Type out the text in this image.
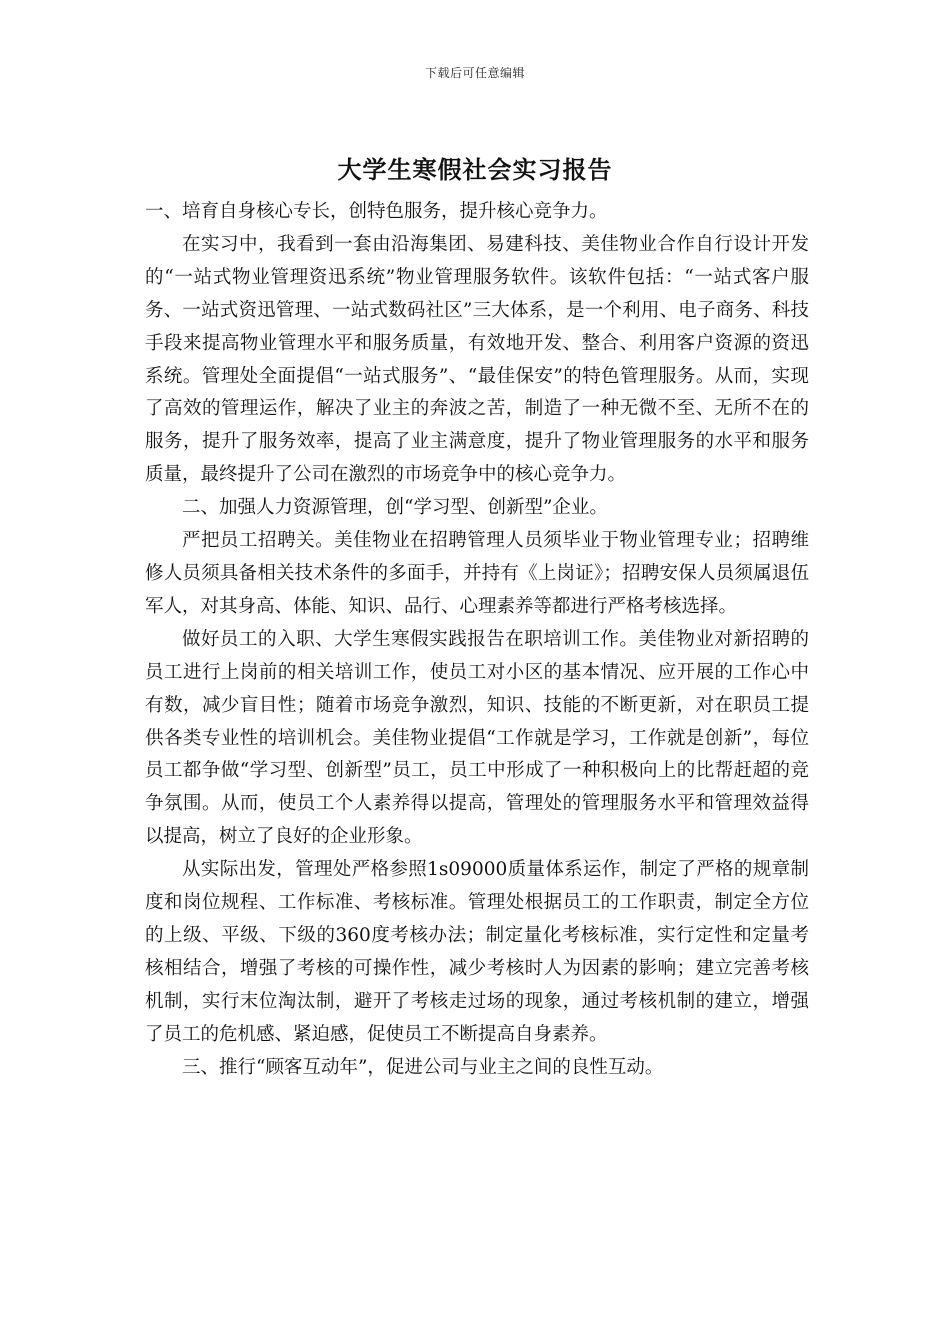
下载后可任意编辑
大学生寒假社会实习报告

一、培育自身核心专长，创特色服务，提升核心竞争力。

在实习中，我看到一套由沿海集团、易建科技、美佳物业合作自行设计开发的“一站式物业管理资迅系统”物业管理服务软件。该软件包括：“一站式客户服务、一站式资迅管理、一站式数码社区”三大体系，是一个利用、电子商务、科技手段来提高物业管理水平和服务质量，有效地开发、整合、利用客户资源的资迅系统。管理处全面提倡“一站式服务”、“最佳保安”的特色管理服务。从而，实现了高效的管理运作，解决了业主的奔波之苦，制造了一种无微不至、无所不在的服务，提升了服务效率，提高了业主满意度，提升了物业管理服务的水平和服务质量，最终提升了公司在激烈的市场竞争中的核心竞争力。

二、加强人力资源管理，创“学习型、创新型”企业。

严把员工招聘关。美佳物业在招聘管理人员须毕业于物业管理专业；招聘维修人员须具备相关技术条件的多面手，并持有《上岗证》；招聘安保人员须属退伍军人，对其身高、体能、知识、品行、心理素养等都进行严格考核选择。

做好员工的入职、大学生寒假实践报告在职培训工作。美佳物业对新招聘的员工进行上岗前的相关培训工作，使员工对小区的基本情况、应开展的工作心中有数，减少盲目性；随着市场竞争激烈，知识、技能的不断更新，对在职员工提供各类专业性的培训机会。美佳物业提倡“工作就是学习，工作就是创新”，每位员工都争做“学习型、创新型”员工，员工中形成了一种积极向上的比帮赶超的竞争氛围。从而，使员工个人素养得以提高，管理处的管理服务水平和管理效益得以提高，树立了良好的企业形象。

从实际出发，管理处严格参照1s09000质量体系运作，制定了严格的规章制度和岗位规程、工作标准、考核标准。管理处根据员工的工作职责，制定全方位的上级、平级、下级的360度考核办法；制定量化考核标准，实行定性和定量考核相结合，增强了考核的可操作性，减少考核时人为因素的影响；建立完善考核机制，实行末位淘汰制，避开了考核走过场的现象，通过考核机制的建立，增强了员工的危机感、紧迫感，促使员工不断提高自身素养。

三、推行“顾客互动年”，促进公司与业主之间的良性互动。
